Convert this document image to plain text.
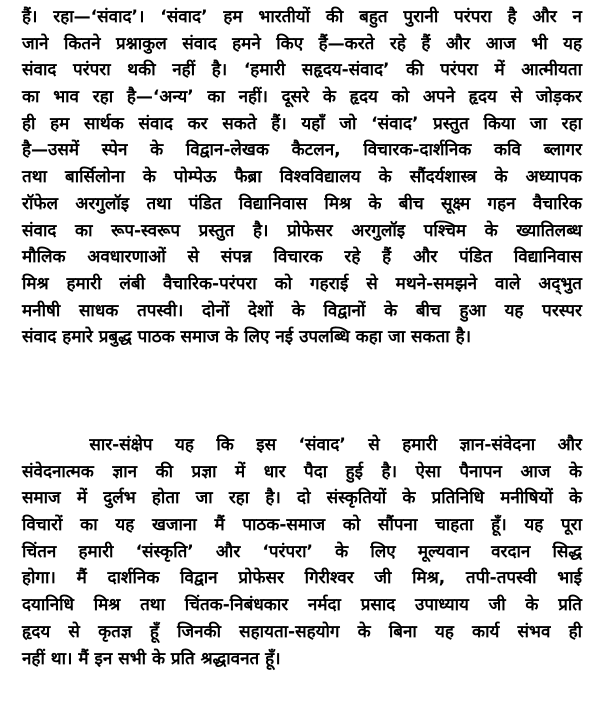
हैं। रहा—‘संवाद’। ‘संवाद’ हम भारतीयों की बहुत पुरानी परंपरा है और न
जाने कितने प्रश्नाकुल संवाद हमने किए हैं—करते रहे हैं और आज भी यह
संवाद परंपरा थकी नहीं है। ‘हमारी सहृदय-संवाद’ की परंपरा में आत्मीयता
का भाव रहा है—‘अन्य’ का नहीं। दूसरे के हृदय को अपने हृदय से जोड़कर
ही हम सार्थक संवाद कर सकते हैं। यहाँ जो ‘संवाद’ प्रस्तुत किया जा रहा
है—उसमें स्पेन के विद्वान-लेखक कैटलन, विचारक-दार्शनिक कवि ब्लागर
तथा बार्सिलोना के पोम्पेऊ फैब्रा विश्वविद्यालय के सौंदर्यशास्त्र के अध्यापक
रॉफेल अरगुलॉइ तथा पंडित विद्यानिवास मिश्र के बीच सूक्ष्म गहन वैचारिक
संवाद का रूप-स्वरूप प्रस्तुत है। प्रोफेसर अरगुलॉइ पश्चिम के ख्यातिलब्ध
मौलिक अवधारणाओं से संपन्न विचारक रहे हैं और पंडित विद्यानिवास
मिश्र हमारी लंबी वैचारिक-परंपरा को गहराई से मथने-समझने वाले अद्‌भुत
मनीषी साधक तपस्वी। दोनों देशों के विद्वानों के बीच हुआ यह परस्पर
संवाद हमारे प्रबुद्ध पाठक समाज के लिए नई उपलब्धि कहा जा सकता है।
सार-संक्षेप यह कि इस ‘संवाद’ से हमारी ज्ञान-संवेदना और
संवेदनात्मक ज्ञान की प्रज्ञा में धार पैदा हुई है। ऐसा पैनापन आज के
समाज में दुर्लभ होता जा रहा है। दो संस्कृतियों के प्रतिनिधि मनीषियों के
विचारों का यह खजाना मैं पाठक-समाज को सौंपना चाहता हूँ। यह पूरा
चिंतन हमारी ‘संस्कृति’ और ‘परंपरा’ के लिए मूल्यवान वरदान सिद्ध
होगा। मैं दार्शनिक विद्वान प्रोफेसर गिरीश्वर जी मिश्र, तपी-तपस्वी भाई
दयानिधि मिश्र तथा चिंतक-निबंधकार नर्मदा प्रसाद उपाध्याय जी के प्रति
हृदय से कृतज्ञ हूँ जिनकी सहायता-सहयोग के बिना यह कार्य संभव ही
नहीं था। मैं इन सभी के प्रति श्रद्धावनत हूँ।
